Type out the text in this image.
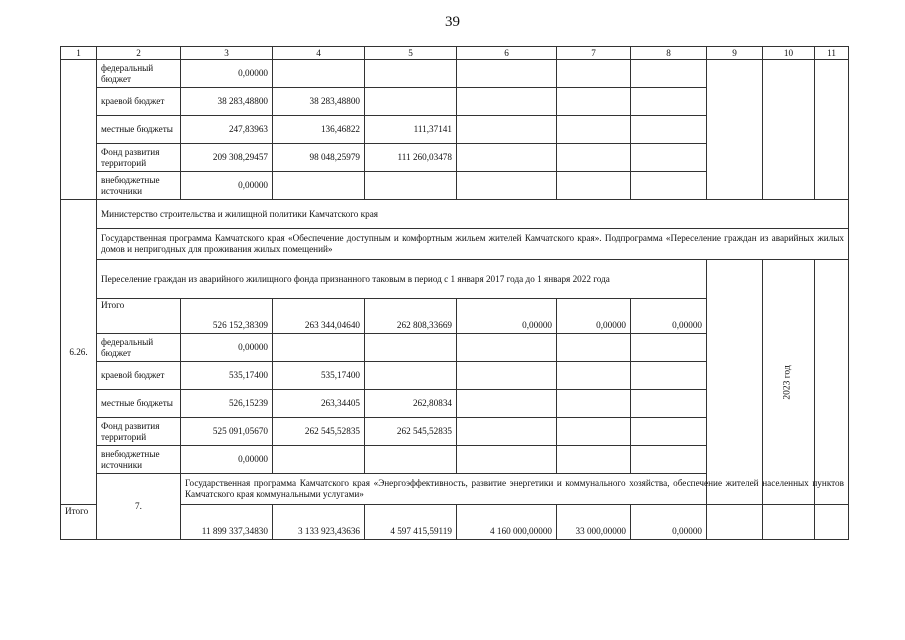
39
1	2	3	4	5	6	7	8	9	10	11
	федеральный бюджет	0,00000								
	краевой бюджет	38 283,48800	38 283,48800							
	местные бюджеты	247,83963	136,46822	111,37141						
	Фонд развития территорий	209 308,29457	98 048,25979	111 260,03478						
	внебюджетные источники	0,00000								
6.26.	Министерство строительства и жилищной политики Камчатского края									
	Государственная программа Камчатского края «Обеспечение доступным и комфортным жильем жителей Камчатского края». Подпрограмма «Переселение граждан из аварийных жилых домов и непригодных для проживания жилых помещений»									
	Переселение граждан из аварийного жилищного фонда признанного таковым в период с 1 января 2017 года до 1 января 2022 года								2023 год	
	Итого	526 152,38309	263 344,04640	262 808,33669	0,00000	0,00000	0,00000			
	федеральный бюджет	0,00000								
	краевой бюджет	535,17400	535,17400							
	местные бюджеты	526,15239	263,34405	262,80834						
	Фонд развития территорий	525 091,05670	262 545,52835	262 545,52835						
	внебюджетные источники	0,00000								
	7.	Государственная программа Камчатского края «Энергоэффективность, развитие энергетики и коммунального хозяйства, обеспечение жителей населенных пунктов Камчатского края коммунальными услугами»								
Итого		11 899 337,34830	3 133 923,43636	4 597 415,59119	4 160 000,00000	33 000,00000	0,00000			
